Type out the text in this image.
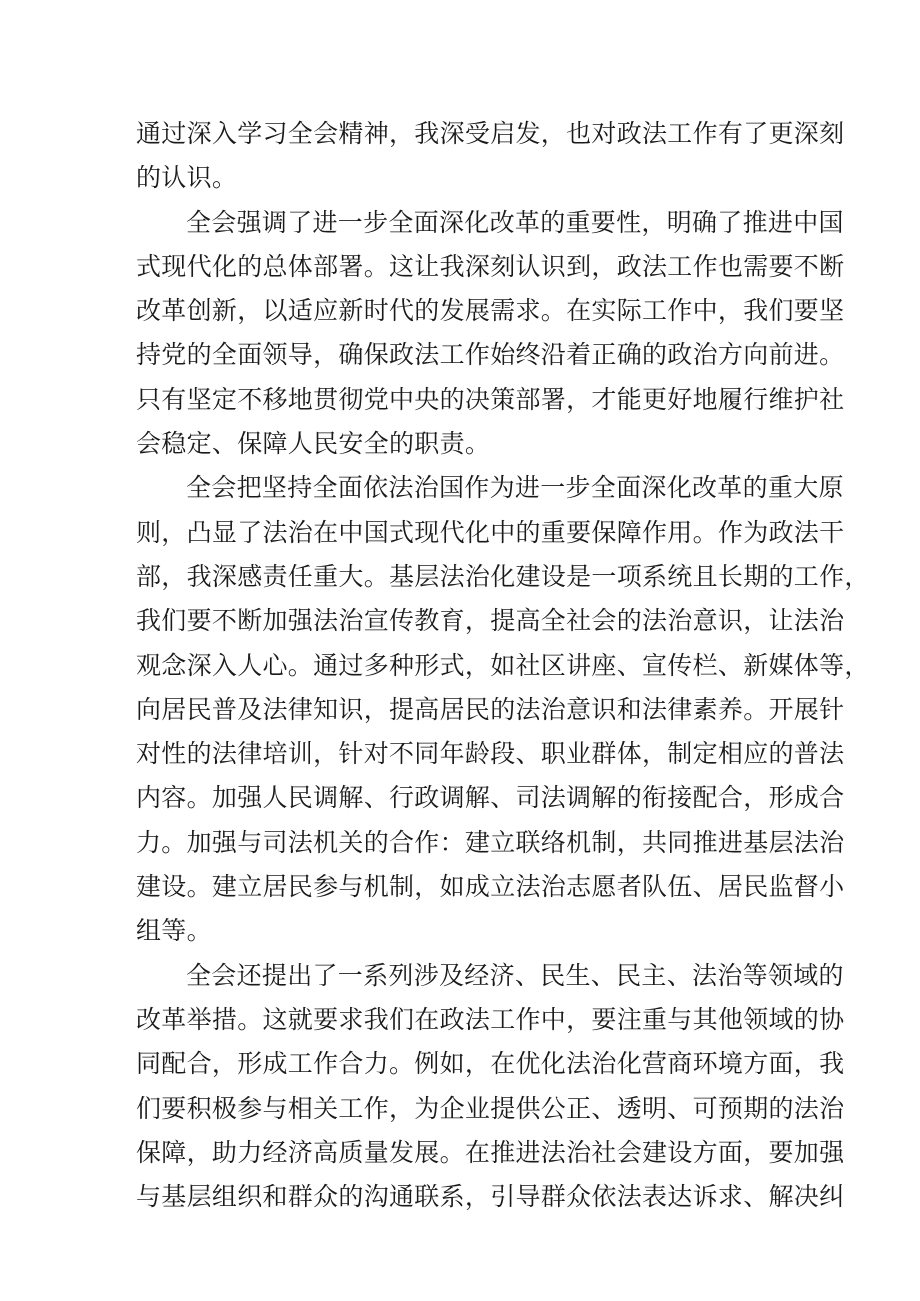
通过深入学习全会精神，我深受启发，也对政法工作有了更深刻
的认识。
全会强调了进一步全面深化改革的重要性，明确了推进中国
式现代化的总体部署。这让我深刻认识到，政法工作也需要不断
改革创新，以适应新时代的发展需求。在实际工作中，我们要坚
持党的全面领导，确保政法工作始终沿着正确的政治方向前进。
只有坚定不移地贯彻党中央的决策部署，才能更好地履行维护社
会稳定、保障人民安全的职责。
全会把坚持全面依法治国作为进一步全面深化改革的重大原
则，凸显了法治在中国式现代化中的重要保障作用。作为政法干
部，我深感责任重大。基层法治化建设是一项系统且长期的工作，
我们要不断加强法治宣传教育，提高全社会的法治意识，让法治
观念深入人心。通过多种形式，如社区讲座、宣传栏、新媒体等，
向居民普及法律知识，提高居民的法治意识和法律素养。开展针
对性的法律培训，针对不同年龄段、职业群体，制定相应的普法
内容。加强人民调解、行政调解、司法调解的衔接配合，形成合
力。加强与司法机关的合作：建立联络机制，共同推进基层法治
建设。建立居民参与机制，如成立法治志愿者队伍、居民监督小
组等。
全会还提出了一系列涉及经济、民生、民主、法治等领域的
改革举措。这就要求我们在政法工作中，要注重与其他领域的协
同配合，形成工作合力。例如，在优化法治化营商环境方面，我
们要积极参与相关工作，为企业提供公正、透明、可预期的法治
保障，助力经济高质量发展。在推进法治社会建设方面，要加强
与基层组织和群众的沟通联系，引导群众依法表达诉求、解决纠
